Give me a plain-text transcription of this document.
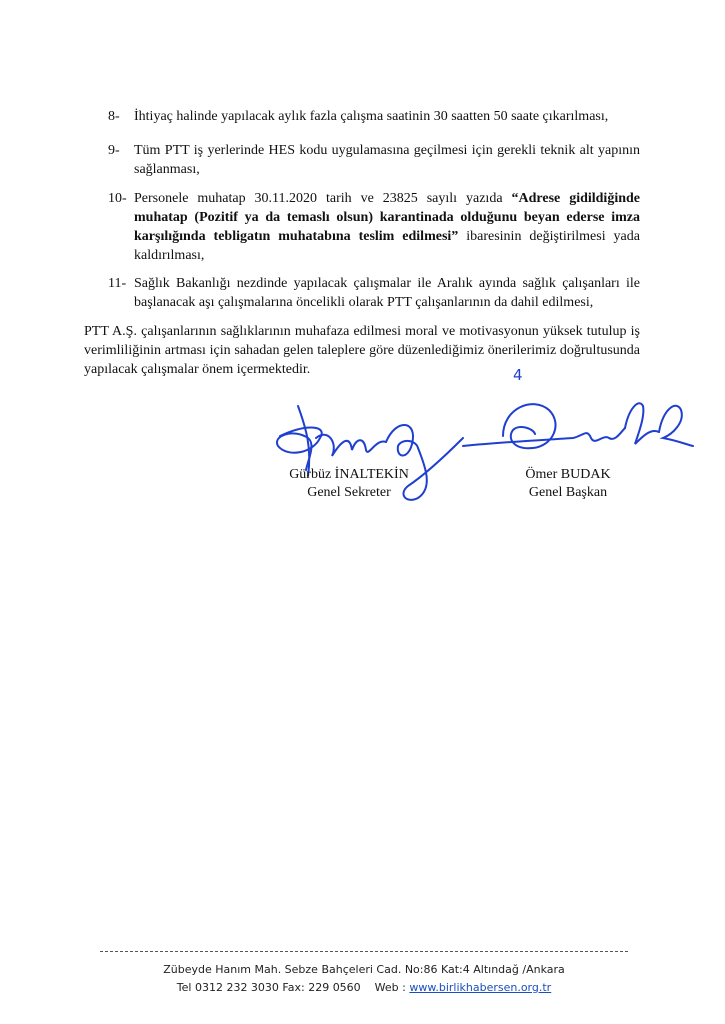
8-	İhtiyaç halinde yapılacak aylık fazla çalışma saatinin 30 saatten 50 saate çıkarılması,
9-	Tüm PTT iş yerlerinde HES kodu uygulamasına geçilmesi için gerekli teknik alt yapının sağlanması,
10- Personele muhatap 30.11.2020 tarih ve 23825 sayılı yazıda “Adrese gidildiğinde muhatap (Pozitif ya da temaslı olsun) karantinada olduğunu beyan ederse imza karşılığında tebligatın muhatabına teslim edilmesi” ibaresinin değiştirilmesi yada kaldırılması,
11- Sağlık Bakanlığı nezdinde yapılacak çalışmalar ile Aralık ayında sağlık çalışanları ile başlanacak aşı çalışmalarına öncelikli olarak PTT çalışanlarının da dahil edilmesi,
PTT A.Ş. çalışanlarının sağlıklarının muhafaza edilmesi moral ve motivasyonun yüksek tutulup iş verimliliğinin artması için sahadan gelen taleplere göre düzenlediğimiz önerilerimiz doğrultusunda yapılacak çalışmalar önem içermektedir.	4
Gürbüz İNALTEKİN
Genel Sekreter
Ömer BUDAK
Genel Başkan
Zübeyde Hanım Mah. Sebze Bahçeleri Cad. No:86 Kat:4 Altındağ /Ankara
Tel 0312 232 3030 Fax: 229 0560    Web : www.birlikhabersen.org.tr
